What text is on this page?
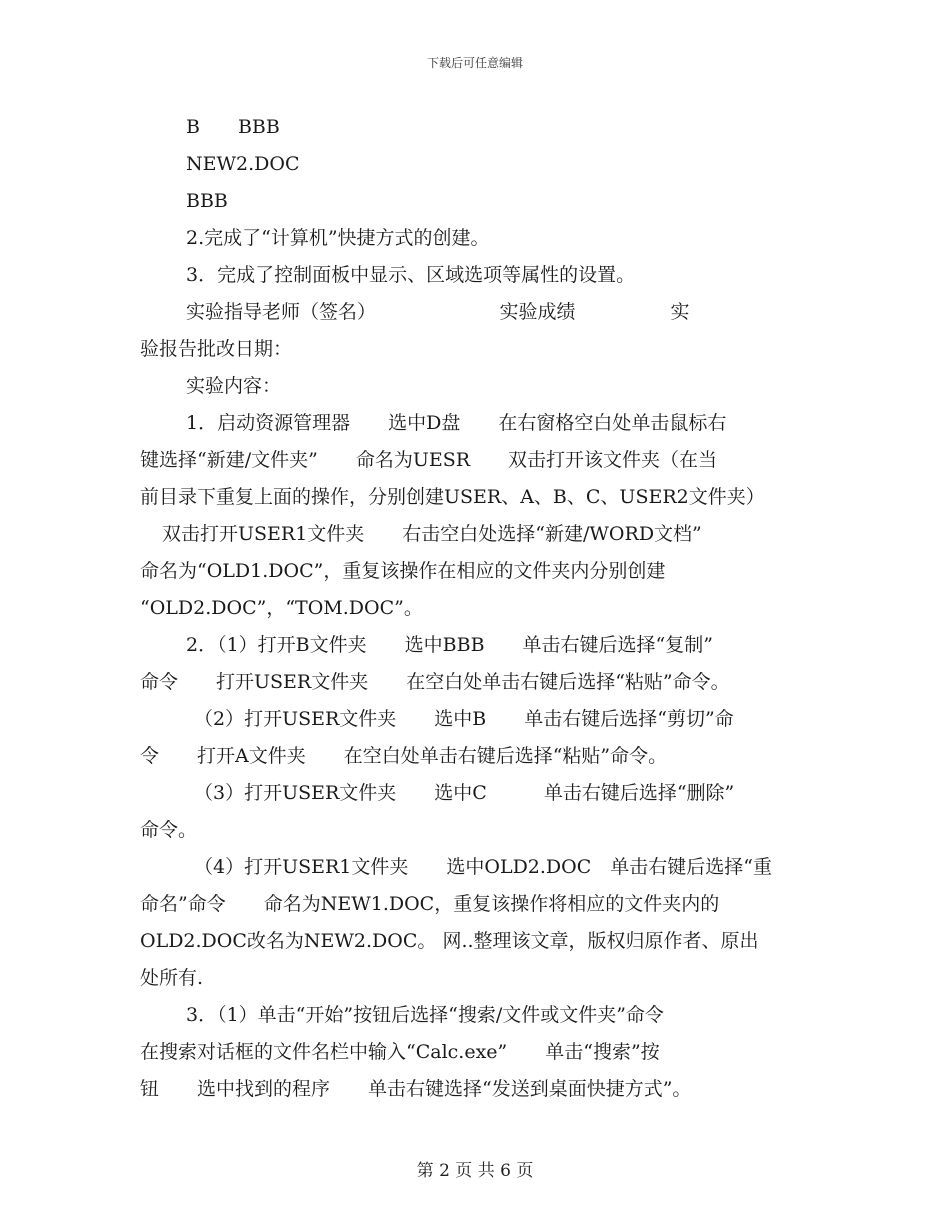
下载后可任意编辑
B　　BBB
NEW2.DOC
BBB
2.完成了“计算机”快捷方式的创建。
3．完成了控制面板中显示、区域选项等属性的设置。
实验指导老师（签名）　　　　　　　实验成绩　　　　　实
验报告批改日期：
实验内容：
1．启动资源管理器　　选中D盘　　在右窗格空白处单击鼠标右
键选择“新建/文件夹”　　命名为UESR　　双击打开该文件夹（在当
前目录下重复上面的操作，分别创建USER、A、B、C、USER2文件夹）
双击打开USER1文件夹　　右击空白处选择“新建/WORD文档”
命名为“OLD1.DOC”，重复该操作在相应的文件夹内分别创建
“OLD2.DOC”，“TOM.DOC”。
2．（1）打开B文件夹　　选中BBB　　单击右键后选择“复制”
命令　　打开USER文件夹　　在空白处单击右键后选择“粘贴”命令。
（2）打开USER文件夹　　选中B　　单击右键后选择“剪切”命
令　　打开A文件夹　　在空白处单击右键后选择“粘贴”命令。
（3）打开USER文件夹　　选中C　　　单击右键后选择“删除”
命令。
（4）打开USER1文件夹　　选中OLD2.DOC　单击右键后选择“重
命名”命令　　命名为NEW1.DOC，重复该操作将相应的文件夹内的
OLD2.DOC改名为NEW2.DOC。 网..整理该文章，版权归原作者、原出
处所有.
3．（1）单击“开始”按钮后选择“搜索/文件或文件夹”命令
在搜索对话框的文件名栏中输入“Calc.exe”　　单击“搜索”按
钮　　选中找到的程序　　单击右键选择“发送到桌面快捷方式”。
第 2 页 共 6 页
